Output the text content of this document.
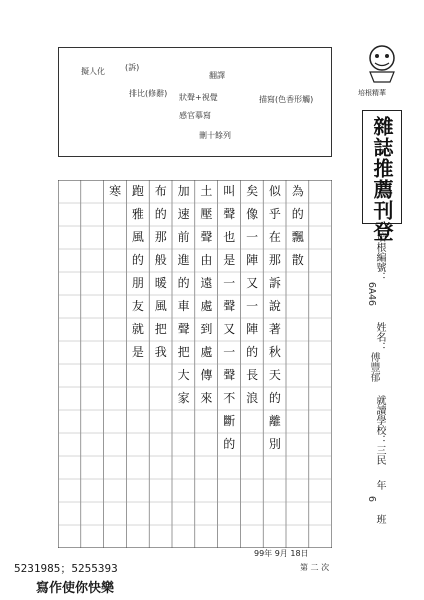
擬人化	(訴)
翻譯
排比(修辭) 狀聲+視覺	描寫(色香形觸)
感官摹寫
刪十餘列
為
的
飄
散
似
乎
在
那
訴
說
著
秋
天
的
離
別
矣
像
一
陣
又
一
陣
的
長
浪
叫
聲
也
是
一
聲
又
一
聲
不
斷
的
土
壓
聲
由
遠
處
到
處
傳
來
加
速
前
進
的
車
聲
把
大
家
布
的
那
般
暖
風
把
我
跑
雅
風
的
朋
友
就
是
寒
培根精華
雜誌推薦刊登
培根編號：
6A46
姓名：
傅豐郁
就讀學校：三民
年
6
班
99年 9月 18日
第 二 次
5231985；5255393
寫作使你快樂
